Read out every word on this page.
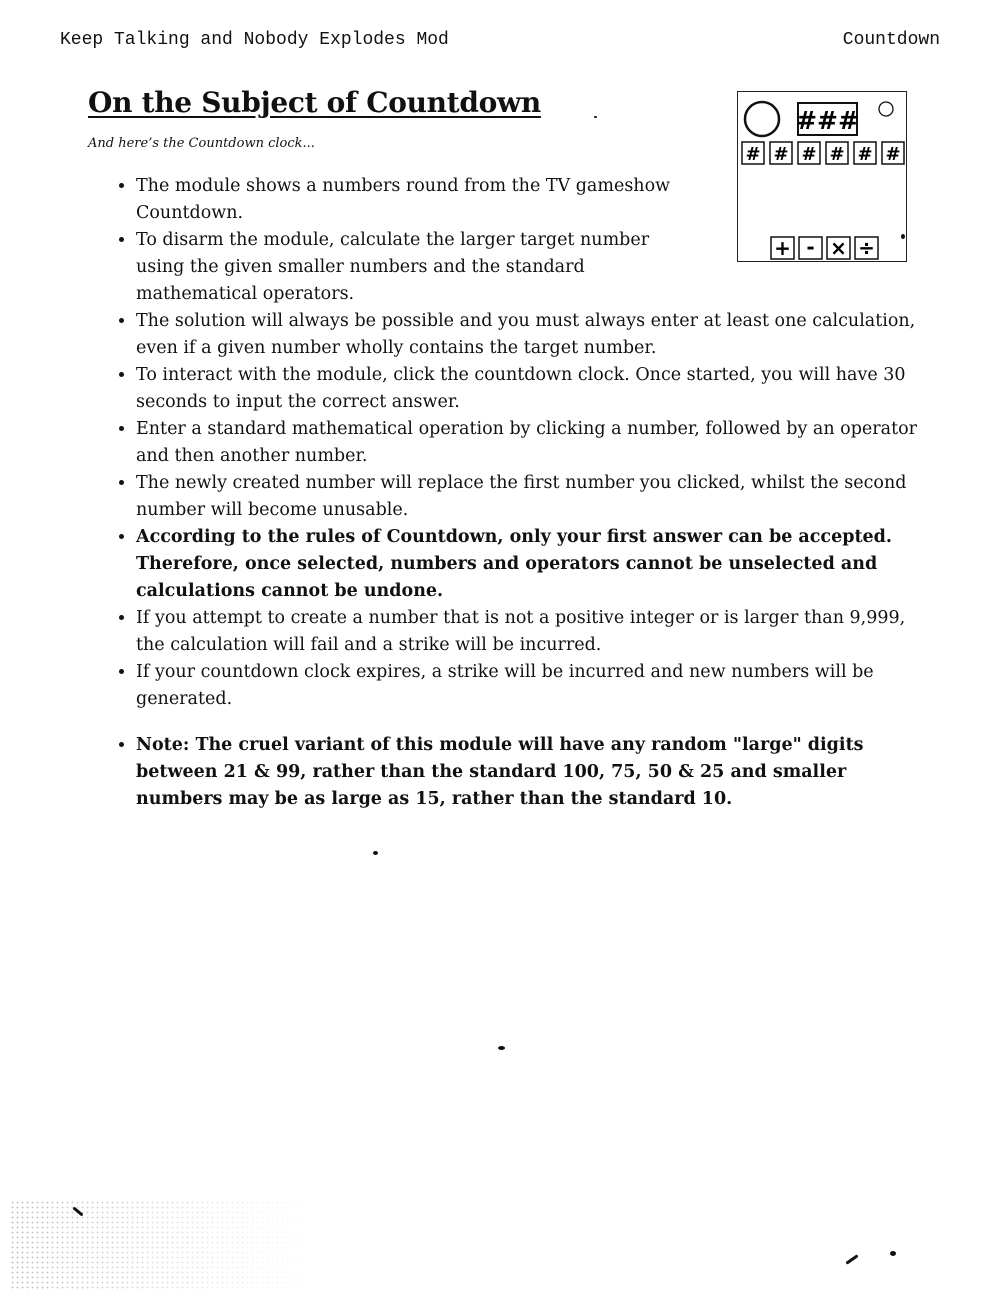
Keep Talking and Nobody Explodes Mod	Countdown
On the Subject of Countdown

And here’s the Countdown clock...

###
# # # # # #
+ - × ÷
• The module shows a numbers round from the TV gameshow Countdown.
• To disarm the module, calculate the larger target number using the given smaller numbers and the standard mathematical operators.
• The solution will always be possible and you must always enter at least one calculation, even if a given number wholly contains the target number.
• To interact with the module, click the countdown clock. Once started, you will have 30 seconds to input the correct answer.
• Enter a standard mathematical operation by clicking a number, followed by an operator and then another number.
• The newly created number will replace the first number you clicked, whilst the second number will become unusable.
• According to the rules of Countdown, only your first answer can be accepted. Therefore, once selected, numbers and operators cannot be unselected and calculations cannot be undone.
• If you attempt to create a number that is not a positive integer or is larger than 9,999, the calculation will fail and a strike will be incurred.
• If your countdown clock expires, a strike will be incurred and new numbers will be generated.
• Note: The cruel variant of this module will have any random "large" digits between 21 & 99, rather than the standard 100, 75, 50 & 25 and smaller numbers may be as large as 15, rather than the standard 10.
